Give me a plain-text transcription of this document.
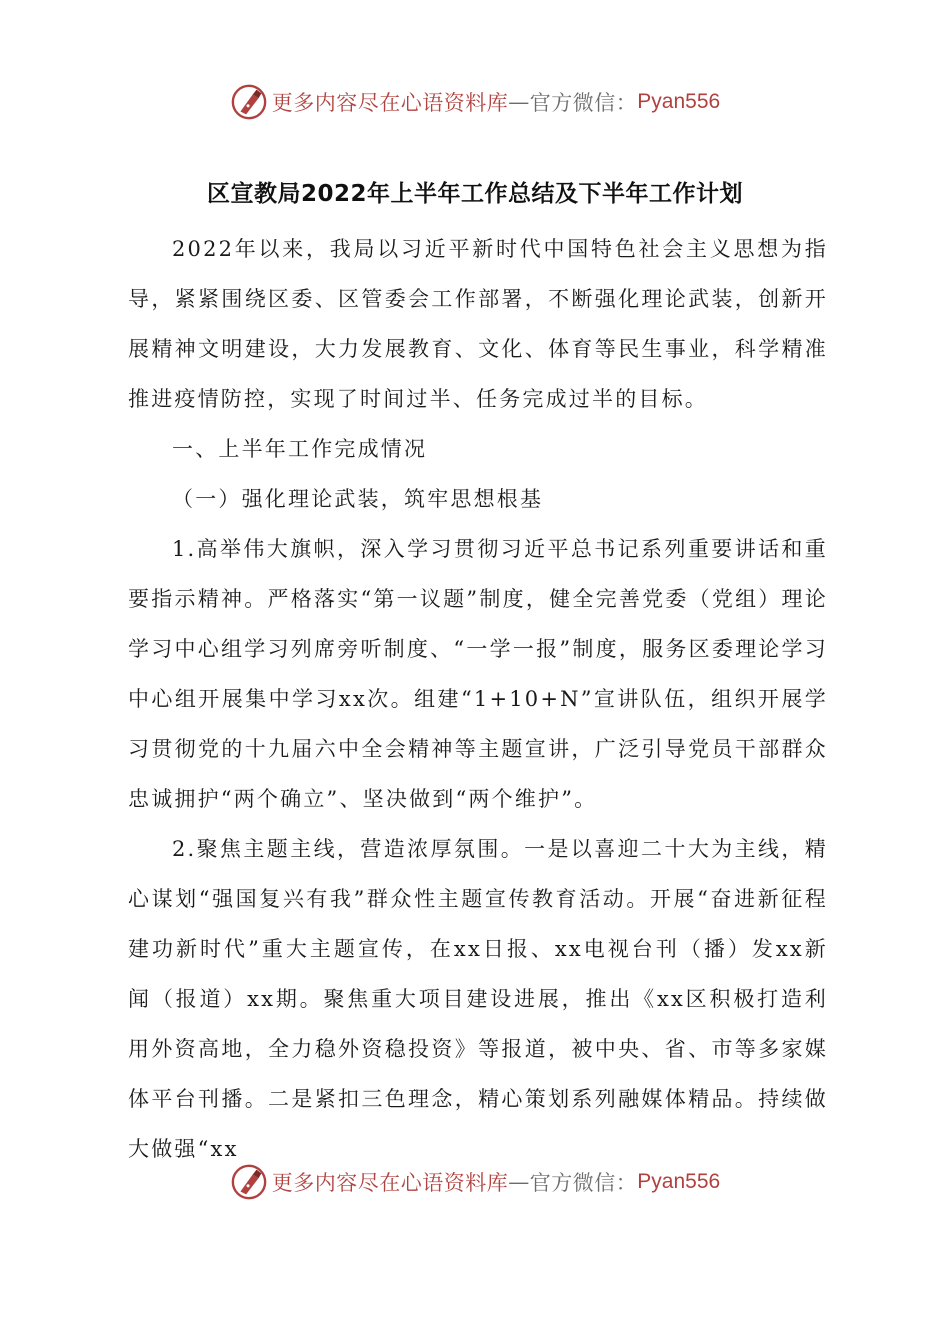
更多内容尽在心语资料库 — 官方微信： Pyan556
区宣教局2022年上半年工作总结及下半年工作计划

2022年以来，我局以习近平新时代中国特色社会主义思想为指导，紧紧围绕区委、区管委会工作部署，不断强化理论武装，创新开展精神文明建设，大力发展教育、文化、体育等民生事业，科学精准推进疫情防控，实现了时间过半、任务完成过半的目标。

一、上半年工作完成情况

（一）强化理论武装，筑牢思想根基

1.高举伟大旗帜，深入学习贯彻习近平总书记系列重要讲话和重要指示精神。严格落实“第一议题”制度，健全完善党委（党组）理论学习中心组学习列席旁听制度、“一学一报”制度，服务区委理论学习中心组开展集中学习xx次。组建“1+10+N”宣讲队伍，组织开展学习贯彻党的十九届六中全会精神等主题宣讲，广泛引导党员干部群众忠诚拥护“两个确立”、坚决做到“两个维护”。

2.聚焦主题主线，营造浓厚氛围。一是以喜迎二十大为主线，精心谋划“强国复兴有我”群众性主题宣传教育活动。开展“奋进新征程建功新时代”重大主题宣传，在xx日报、xx电视台刊（播）发xx新闻（报道）xx期。聚焦重大项目建设进展，推出《xx区积极打造利用外资高地，全力稳外资稳投资》等报道，被中央、省、市等多家媒体平台刊播。二是紧扣三色理念，精心策划系列融媒体精品。持续做大做强“xx

更多内容尽在心语资料库 — 官方微信： Pyan556
